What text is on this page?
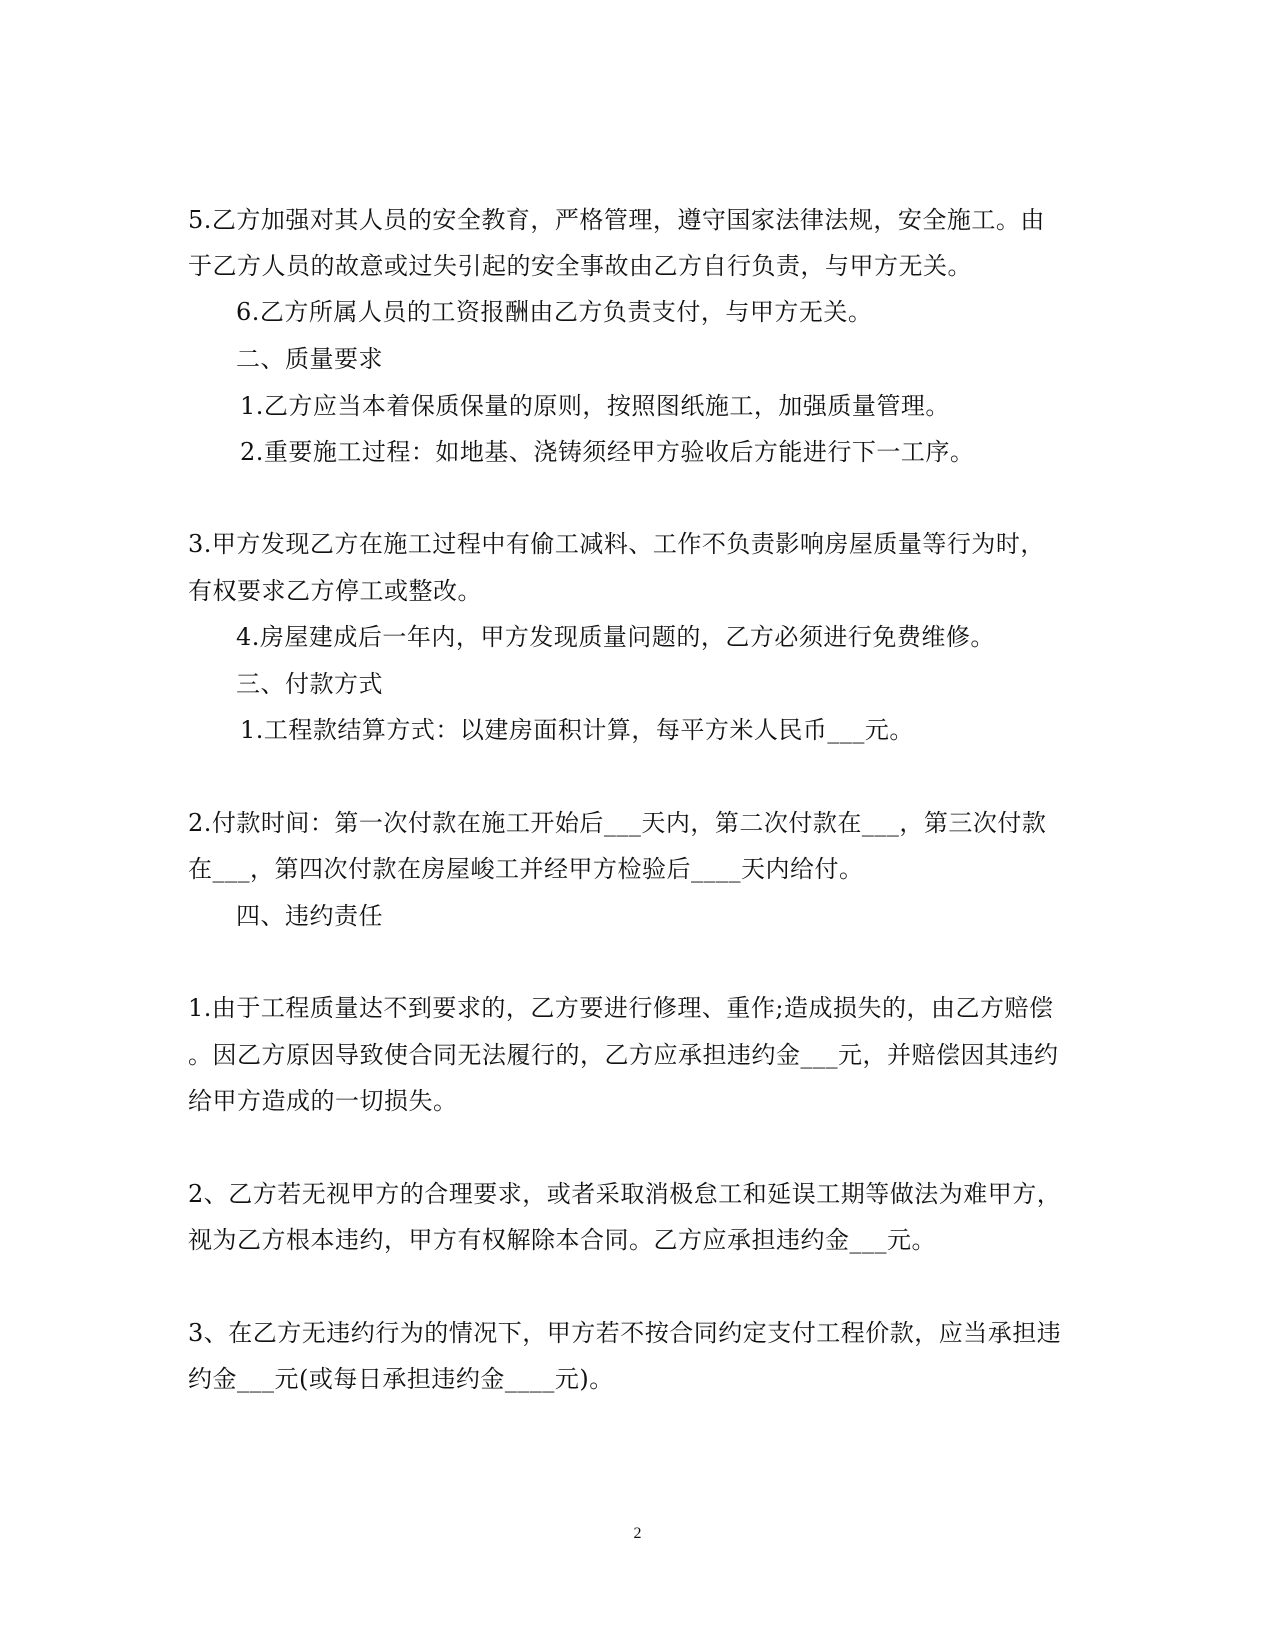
5.乙方加强对其人员的安全教育，严格管理，遵守国家法律法规，安全施工。由
于乙方人员的故意或过失引起的安全事故由乙方自行负责，与甲方无关。
6.乙方所属人员的工资报酬由乙方负责支付，与甲方无关。
二、质量要求
1.乙方应当本着保质保量的原则，按照图纸施工，加强质量管理。
2.重要施工过程：如地基、浇铸须经甲方验收后方能进行下一工序。
3.甲方发现乙方在施工过程中有偷工减料、工作不负责影响房屋质量等行为时，
有权要求乙方停工或整改。
4.房屋建成后一年内，甲方发现质量问题的，乙方必须进行免费维修。
三、付款方式
1.工程款结算方式：以建房面积计算，每平方米人民币___元。
2.付款时间：第一次付款在施工开始后___天内，第二次付款在___，第三次付款
在___，第四次付款在房屋峻工并经甲方检验后____天内给付。
四、违约责任
1.由于工程质量达不到要求的，乙方要进行修理、重作;造成损失的，由乙方赔偿
。因乙方原因导致使合同无法履行的，乙方应承担违约金___元，并赔偿因其违约
给甲方造成的一切损失。
2、乙方若无视甲方的合理要求，或者采取消极怠工和延误工期等做法为难甲方，
视为乙方根本违约，甲方有权解除本合同。乙方应承担违约金___元。
3、在乙方无违约行为的情况下，甲方若不按合同约定支付工程价款，应当承担违
约金___元(或每日承担违约金____元)。
2
